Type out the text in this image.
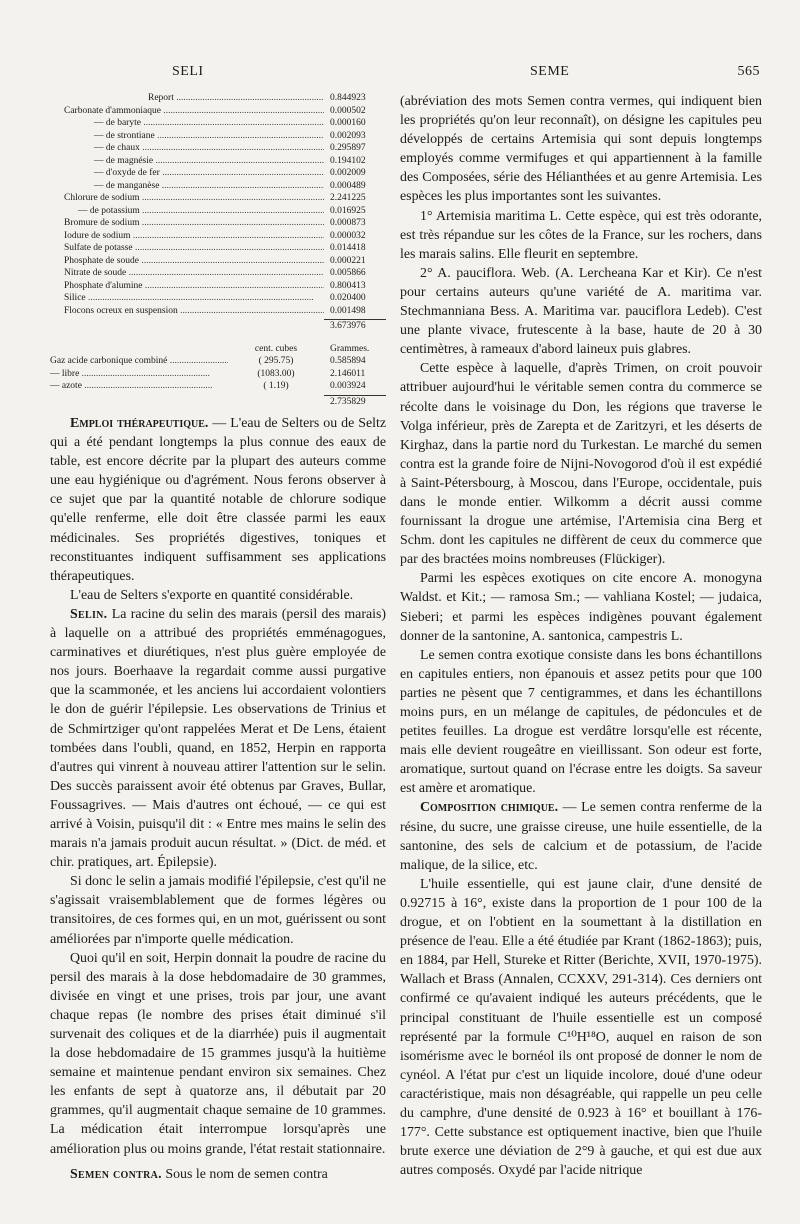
SELI	SEME	565
Report .....	0.844923
Carbonate d'ammoniaque .....	0.000502
— de baryte .....	0.000160
— de strontiane .....	0.002093
— de chaux .....	0.295897
— de magnésie .....	0.194102
— d'oxyde de fer .....	0.002009
— de manganèse .....	0.000489
Chlorure de sodium .....	2.241225
— de potassium .....	0.016925
Bromure de sodium .....	0.000873
Iodure de sodium .....	0.000032
Sulfate de potasse .....	0.014418
Phosphate de soude .....	0.000221
Nitrate de soude .....	0.005866
Phosphate d'alumine .....	0.800413
Silice .....	0.020400
Flocons ocreux en suspension .....	0.001498
3.673976
cent. cubes	Grammes.
Gaz acide carbonique combiné .....	( 295.75)	0.585894
— libre .....	(1083.00)	2.146011
— azote .....	( 1.19)	0.003924
2.735829

Emploi thérapeutique. — L'eau de Selters ou de Seltz qui a été pendant longtemps la plus connue des eaux de table, est encore décrite par la plupart des auteurs comme une eau hygiénique ou d'agrément. Nous ferons observer à ce sujet que par la quantité notable de chlorure sodique qu'elle renferme, elle doit être classée parmi les eaux médicinales. Ses propriétés digestives, toniques et reconstituantes indiquent suffisamment ses applications thérapeutiques.

L'eau de Selters s'exporte en quantité considérable.

Selin. La racine du selin des marais (persil des marais) à laquelle on a attribué des propriétés emménagogues, carminatives et diurétiques, n'est plus guère employée de nos jours. Boerhaave la regardait comme aussi purgative que la scammonée, et les anciens lui accordaient volontiers le don de guérir l'épilepsie. Les observations de Trinius et de Schmirtziger qu'ont rappelées Merat et De Lens, étaient tombées dans l'oubli, quand, en 1852, Herpin en rapporta d'autres qui vinrent à nouveau attirer l'attention sur le selin. Des succès paraissent avoir été obtenus par Graves, Bullar, Foussagrives. — Mais d'autres ont échoué, — ce qui est arrivé à Voisin, puisqu'il dit : « Entre mes mains le selin des marais n'a jamais produit aucun résultat. » (Dict. de méd. et chir. pratiques, art. Épilepsie).

Si donc le selin a jamais modifié l'épilepsie, c'est qu'il ne s'agissait vraisemblablement que de formes légères ou transitoires, de ces formes qui, en un mot, guérissent ou sont améliorées par n'importe quelle médication.

Quoi qu'il en soit, Herpin donnait la poudre de racine du persil des marais à la dose hebdomadaire de 30 grammes, divisée en vingt et une prises, trois par jour, une avant chaque repas (le nombre des prises était diminué s'il survenait des coliques et de la diarrhée) puis il augmentait la dose hebdomadaire de 15 grammes jusqu'à la huitième semaine et maintenue pendant environ six semaines. Chez les enfants de sept à quatorze ans, il débutait par 20 grammes, qu'il augmentait chaque semaine de 10 grammes. La médication était interrompue lorsqu'après une amélioration plus ou moins grande, l'état restait stationnaire.

Semen contra. Sous le nom de semen contra

(abréviation des mots Semen contra vermes, qui indiquent bien les propriétés qu'on leur reconnaît), on désigne les capitules peu développés de certains Artemisia qui sont depuis longtemps employés comme vermifuges et qui appartiennent à la famille des Composées, série des Hélianthées et au genre Artemisia. Les espèces les plus importantes sont les suivantes.

1° Artemisia maritima L. Cette espèce, qui est très odorante, est très répandue sur les côtes de la France, sur les rochers, dans les marais salins. Elle fleurit en septembre.

2° A. pauciflora. Web. (A. Lercheana Kar et Kir). Ce n'est pour certains auteurs qu'une variété de A. maritima var. Stechmanniana Bess. A. Maritima var. pauciflora Ledeb). C'est une plante vivace, frutescente à la base, haute de 20 à 30 centimètres, à rameaux d'abord laineux puis glabres.

Cette espèce à laquelle, d'après Trimen, on croit pouvoir attribuer aujourd'hui le véritable semen contra du commerce se récolte dans le voisinage du Don, les régions que traverse le Volga inférieur, près de Zarepta et de Zaritzyri, et les déserts de Kirghaz, dans la partie nord du Turkestan. Le marché du semen contra est la grande foire de Nijni-Novogorod d'où il est expédié à Saint-Pétersbourg, à Moscou, dans l'Europe, occidentale, puis dans le monde entier. Wilkomm a décrit aussi comme fournissant la drogue une artémise, l'Artemisia cina Berg et Schm. dont les capitules ne diffèrent de ceux du commerce que par des bractées moins nombreuses (Flückiger).

Parmi les espèces exotiques on cite encore A. monogyna Waldst. et Kit.; — ramosa Sm.; — vahliana Kostel; — judaica, Sieberi; et parmi les espèces indigènes pouvant également donner de la santonine, A. santonica, campestris L.

Le semen contra exotique consiste dans les bons échantillons en capitules entiers, non épanouis et assez petits pour que 100 parties ne pèsent que 7 centigrammes, et dans les échantillons moins purs, en un mélange de capitules, de pédoncules et de petites feuilles. La drogue est verdâtre lorsqu'elle est récente, mais elle devient rougeâtre en vieillissant. Son odeur est forte, aromatique, surtout quand on l'écrase entre les doigts. Sa saveur est amère et aromatique.

Composition chimique. — Le semen contra renferme de la résine, du sucre, une graisse cireuse, une huile essentielle, de la santonine, des sels de calcium et de potassium, de l'acide malique, de la silice, etc.

L'huile essentielle, qui est jaune clair, d'une densité de 0.92715 à 16°, existe dans la proportion de 1 pour 100 de la drogue, et on l'obtient en la soumettant à la distillation en présence de l'eau. Elle a été étudiée par Krant (1862-1863); puis, en 1884, par Hell, Stureke et Ritter (Berichte, XVII, 1970-1975). Wallach et Brass (Annalen, CCXXV, 291-314). Ces derniers ont confirmé ce qu'avaient indiqué les auteurs précédents, que le principal constituant de l'huile essentielle est un composé représenté par la formule C¹⁰H¹⁸O, auquel en raison de son isomérisme avec le bornéol ils ont proposé de donner le nom de cynéol. A l'état pur c'est un liquide incolore, doué d'une odeur caractéristique, mais non désagréable, qui rappelle un peu celle du camphre, d'une densité de 0.923 à 16° et bouillant à 176-177°. Cette substance est optiquement inactive, bien que l'huile brute exerce une déviation de 2°9 à gauche, et qui est due aux autres composés. Oxydé par l'acide nitrique
